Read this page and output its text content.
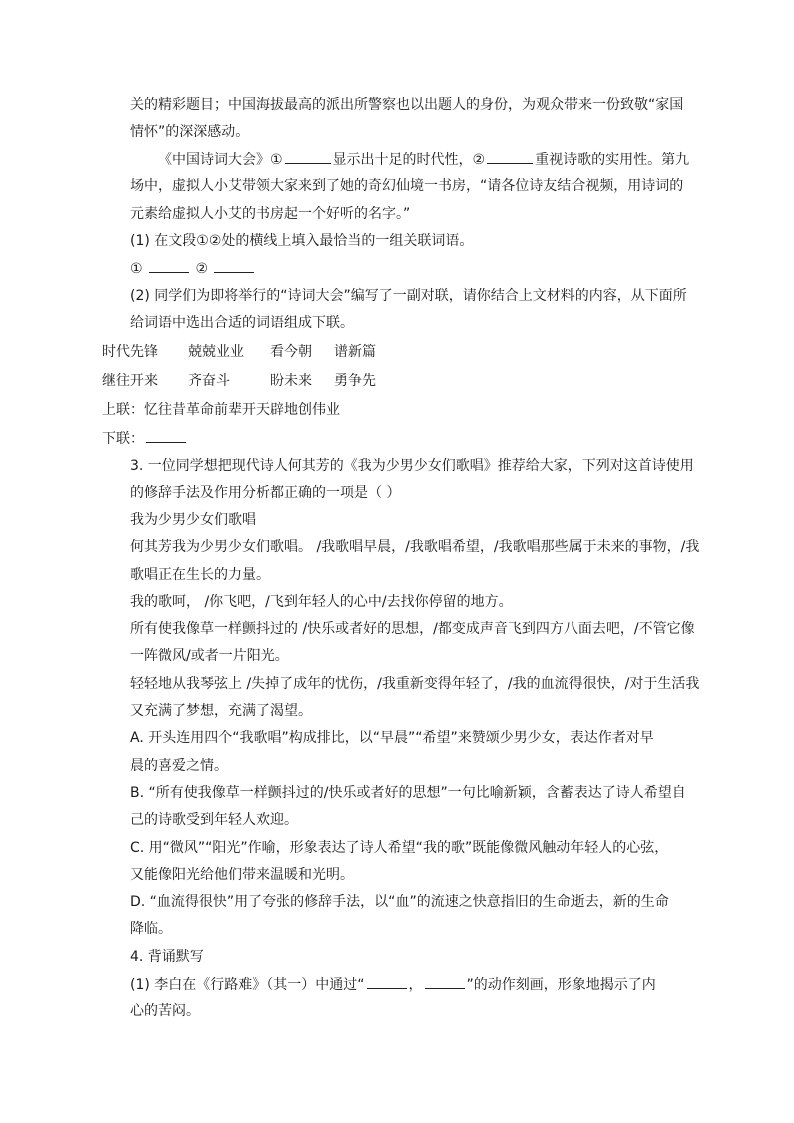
关的精彩题目；中国海拔最高的派出所警察也以出题人的身份，为观众带来一份致敬“家国
情怀”的深深感动。
《中国诗词大会》①	显示出十足的时代性，②	重视诗歌的实用性。第九
场中，虚拟人小艾带领大家来到了她的奇幻仙境一书房，“请各位诗友结合视频，用诗词的
元素给虚拟人小艾的书房起一个好听的名字。”
(1) 在文段①②处的横线上填入最恰当的一组关联词语。
①	②
(2) 同学们为即将举行的“诗词大会”编写了一副对联，请你结合上文材料的内容，从下面所
给词语中选出合适的词语组成下联。
时代先锋 兢兢业业 看今朝 谱新篇
继往开来 齐奋斗	盼未来 勇争先
上联：忆往昔革命前辈开天辟地创伟业
下联：
3. 一位同学想把现代诗人何其芳的《我为少男少女们歌唱》推荐给大家，下列对这首诗使用
的修辞手法及作用分析都正确的一项是（ ）
我为少男少女们歌唱
何其芳我为少男少女们歌唱。 /我歌唱早晨，/我歌唱希望，/我歌唱那些属于未来的事物，/我
歌唱正在生长的力量。
我的歌呵， /你飞吧，/飞到年轻人的心中/去找你停留的地方。
所有使我像草一样颤抖过的 /快乐或者好的思想，/都变成声音飞到四方八面去吧，/不管它像
一阵微风/或者一片阳光。
轻轻地从我琴弦上 /失掉了成年的忧伤，/我重新变得年轻了，/我的血流得很快，/对于生活我
又充满了梦想，充满了渴望。
A. 开头连用四个“我歌唱”构成排比，以“早晨”“希望”来赞颂少男少女，表达作者对早
晨的喜爱之情。
B. “所有使我像草一样颤抖过的/快乐或者好的思想”一句比喻新颖，含蓄表达了诗人希望自
己的诗歌受到年轻人欢迎。
C. 用“微风”“阳光”作喻，形象表达了诗人希望“我的歌”既能像微风触动年轻人的心弦，
又能像阳光给他们带来温暖和光明。
D. “血流得很快”用了夸张的修辞手法，以“血”的流速之快意指旧的生命逝去，新的生命
降临。
4. 背诵默写
(1) 李白在《行路难》（其一）中通过“	，	”的动作刻画，形象地揭示了内
心的苦闷。
